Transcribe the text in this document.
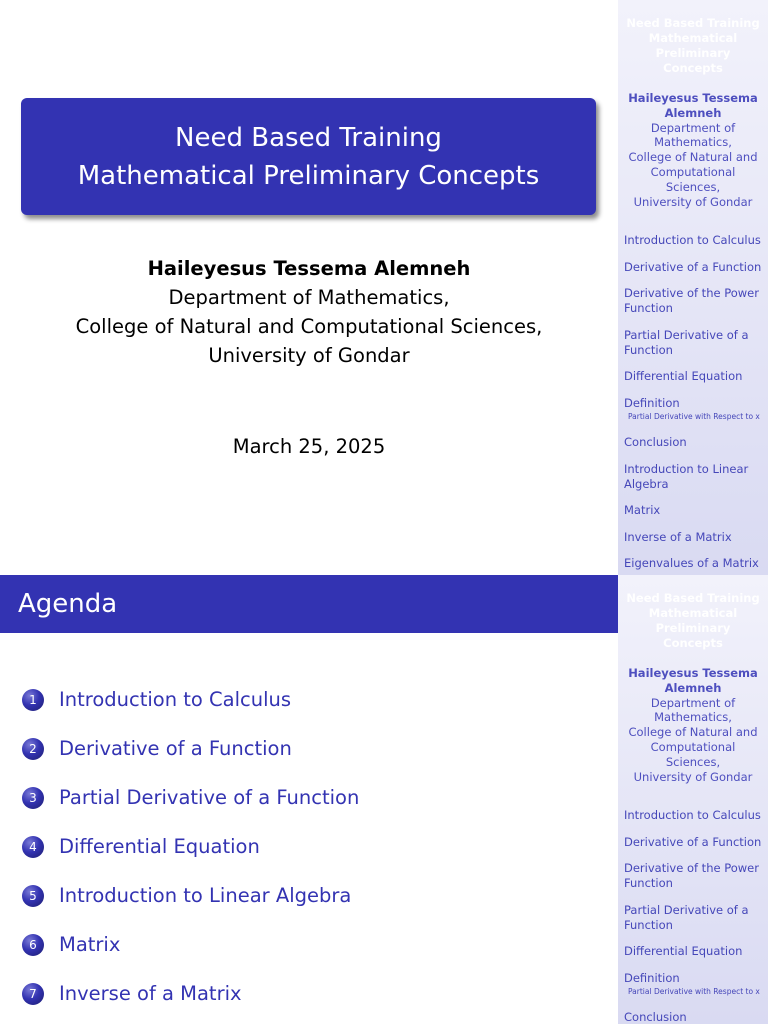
Need Based Training
Mathematical Preliminary Concepts
Haileyesus Tessema Alemneh
Department of Mathematics,
College of Natural and Computational Sciences,
University of Gondar
March 25, 2025
Need Based Training
Mathematical
Preliminary Concepts
Haileyesus Tessema Alemneh
Department of Mathematics,
College of Natural and Computational Sciences,
University of Gondar
Introduction to Calculus
Derivative of a Function
Derivative of the Power Function
Partial Derivative of a Function
Differential Equation
Definition
Partial Derivative with Respect to x
Conclusion
Introduction to Linear Algebra
Matrix
Inverse of a Matrix
Eigenvalues of a Matrix
Agenda
1	Introduction to Calculus
2	Derivative of a Function
3	Partial Derivative of a Function
4	Differential Equation
5	Introduction to Linear Algebra
6	Matrix
7	Inverse of a Matrix
Need Based Training
Mathematical
Preliminary Concepts
Haileyesus Tessema Alemneh
Department of Mathematics,
College of Natural and Computational Sciences,
University of Gondar
Introduction to Calculus
Derivative of a Function
Derivative of the Power Function
Partial Derivative of a Function
Differential Equation
Definition
Partial Derivative with Respect to x
Conclusion
